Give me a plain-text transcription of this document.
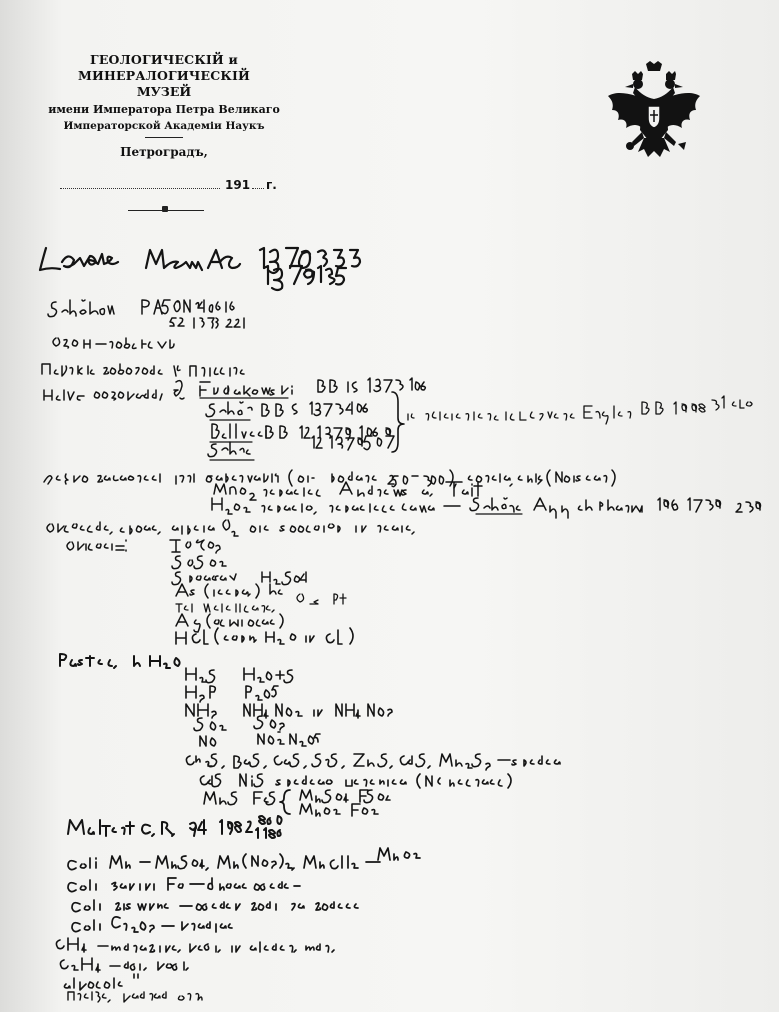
ГЕОЛОГИЧЕСКІЙ и МИНЕРАЛОГИЧЕСКІЙ
МУЗЕЙ
имени Императора Петра Великаго
Императорской Академіи Наукъ
Петроградъ,
191 г.
